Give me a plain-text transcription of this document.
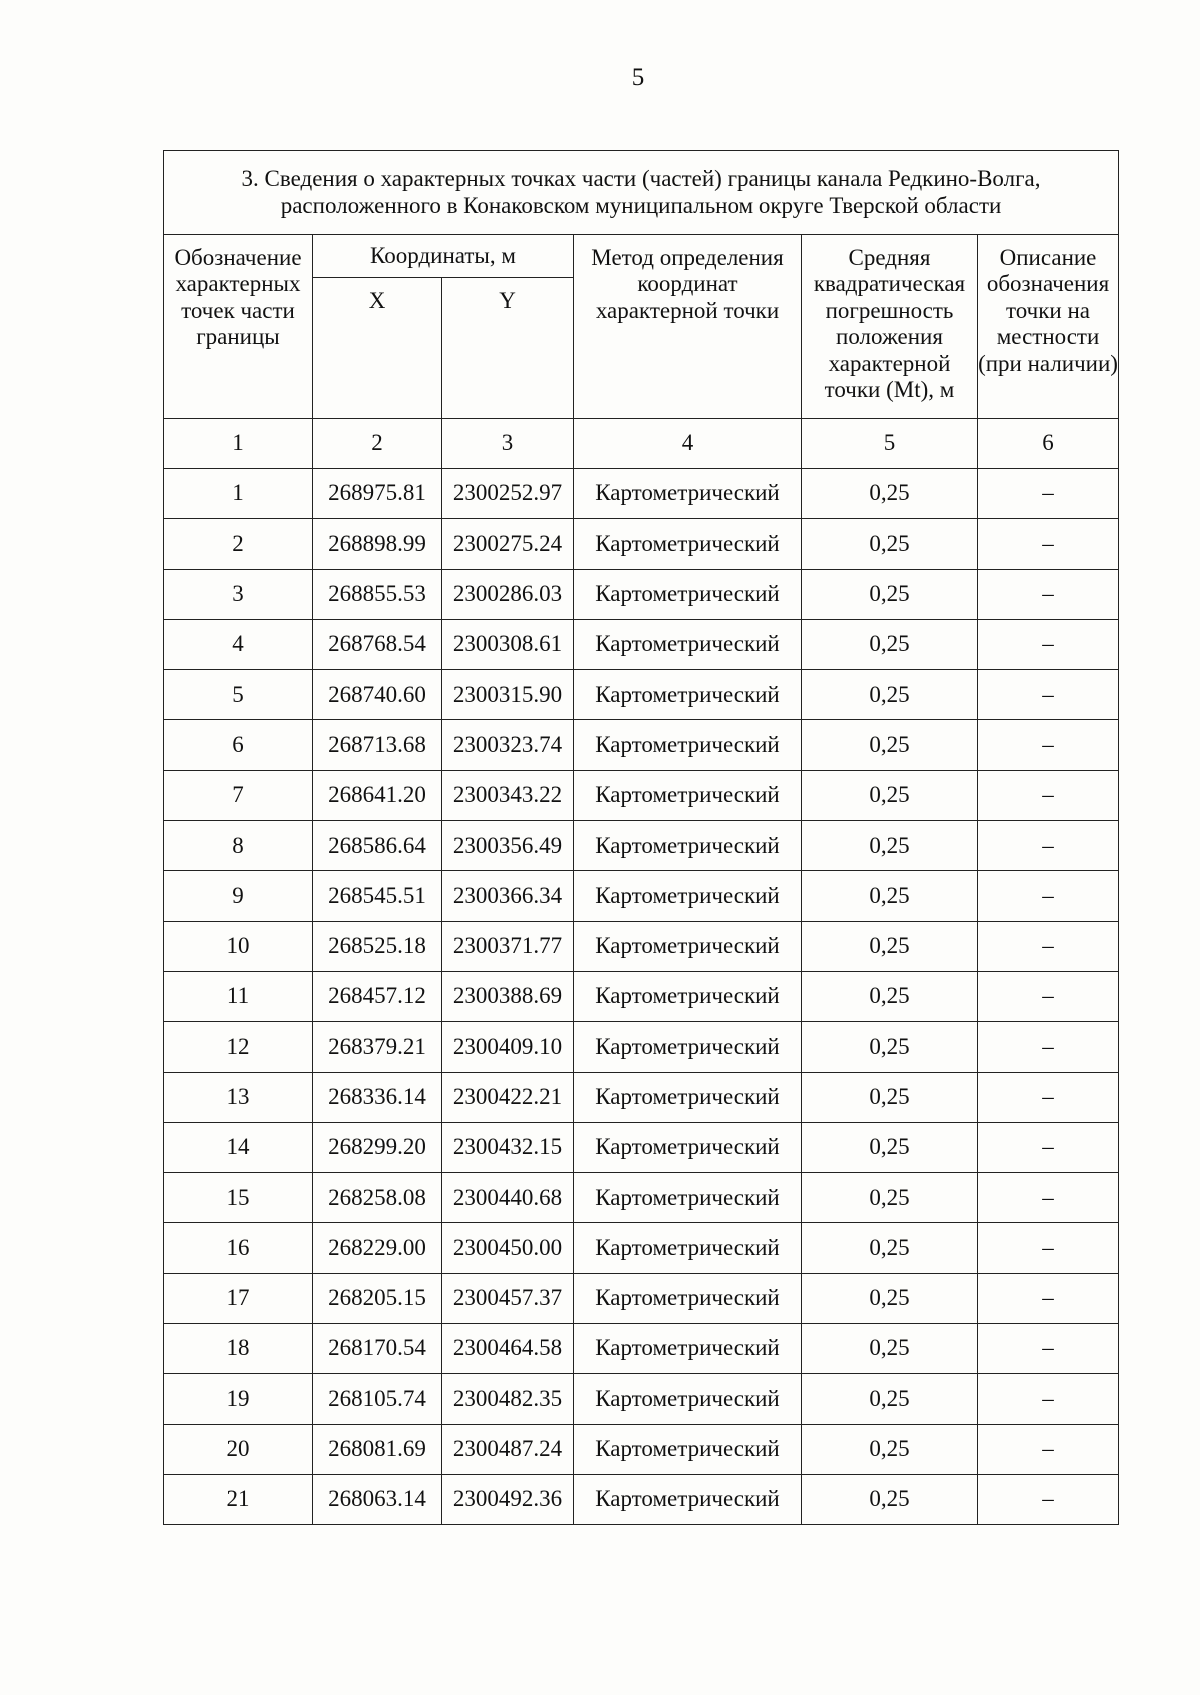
5
3. Сведения о характерных точках части (частей) границы канала Редкино-Волга,
расположенного в Конаковском муниципальном округе Тверской области					

Обозначение характерных точек части границы	Координаты, м		Метод определения координат характерной точки	Средняя квадратическая погрешность положения характерной точки (Mt), м	Описание обозначения точки на местности (при наличии)
	X	Y			
1	2	3	4	5	6
1	268975.81	2300252.97	Картометрический	0,25	–
2	268898.99	2300275.24	Картометрический	0,25	–
3	268855.53	2300286.03	Картометрический	0,25	–
4	268768.54	2300308.61	Картометрический	0,25	–
5	268740.60	2300315.90	Картометрический	0,25	–
6	268713.68	2300323.74	Картометрический	0,25	–
7	268641.20	2300343.22	Картометрический	0,25	–
8	268586.64	2300356.49	Картометрический	0,25	–
9	268545.51	2300366.34	Картометрический	0,25	–
10	268525.18	2300371.77	Картометрический	0,25	–
11	268457.12	2300388.69	Картометрический	0,25	–
12	268379.21	2300409.10	Картометрический	0,25	–
13	268336.14	2300422.21	Картометрический	0,25	–
14	268299.20	2300432.15	Картометрический	0,25	–
15	268258.08	2300440.68	Картометрический	0,25	–
16	268229.00	2300450.00	Картометрический	0,25	–
17	268205.15	2300457.37	Картометрический	0,25	–
18	268170.54	2300464.58	Картометрический	0,25	–
19	268105.74	2300482.35	Картометрический	0,25	–
20	268081.69	2300487.24	Картометрический	0,25	–
21	268063.14	2300492.36	Картометрический	0,25	–
